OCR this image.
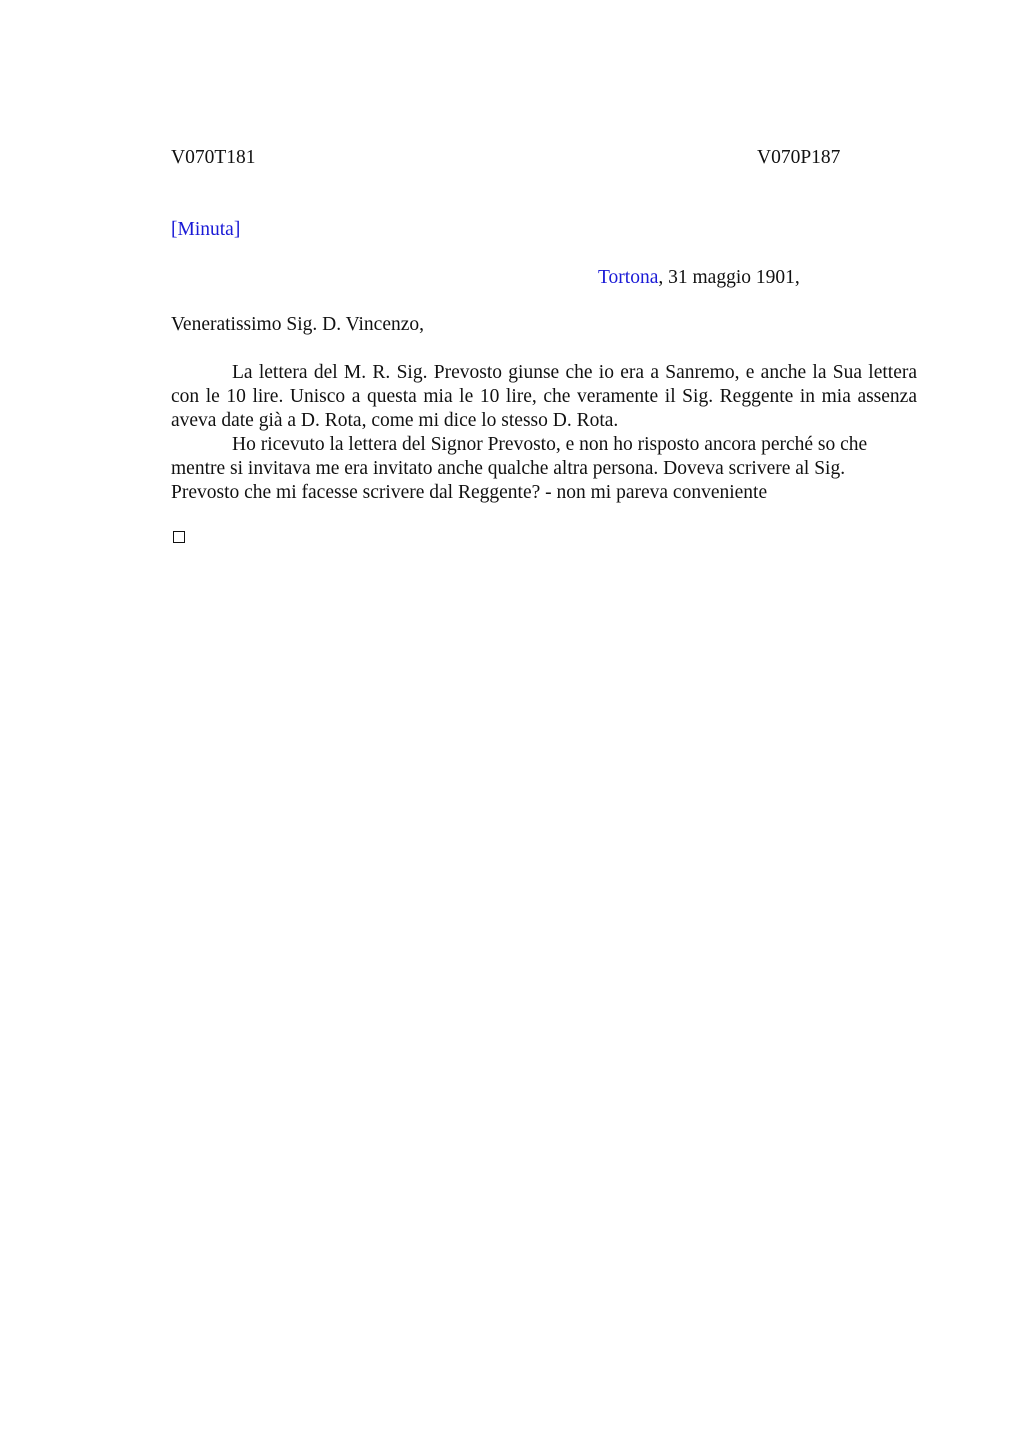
V070T181	V070P187
[Minuta]
Tortona, 31 maggio 1901,
Veneratissimo Sig. D. Vincenzo,

La lettera del M. R. Sig. Prevosto giunse che io era a Sanremo, e anche la Sua lettera con le 10 lire. Unisco a questa mia le 10 lire, che veramente il Sig. Reggente in mia assenza aveva date già a D. Rota, come mi dice lo stesso D. Rota.

Ho ricevuto la lettera del Signor Prevosto, e non ho risposto ancora perché so che mentre si invitava me era invitato anche qualche altra persona. Doveva scrivere al Sig. Prevosto che mi facesse scrivere dal Reggente? - non mi pareva conveniente
